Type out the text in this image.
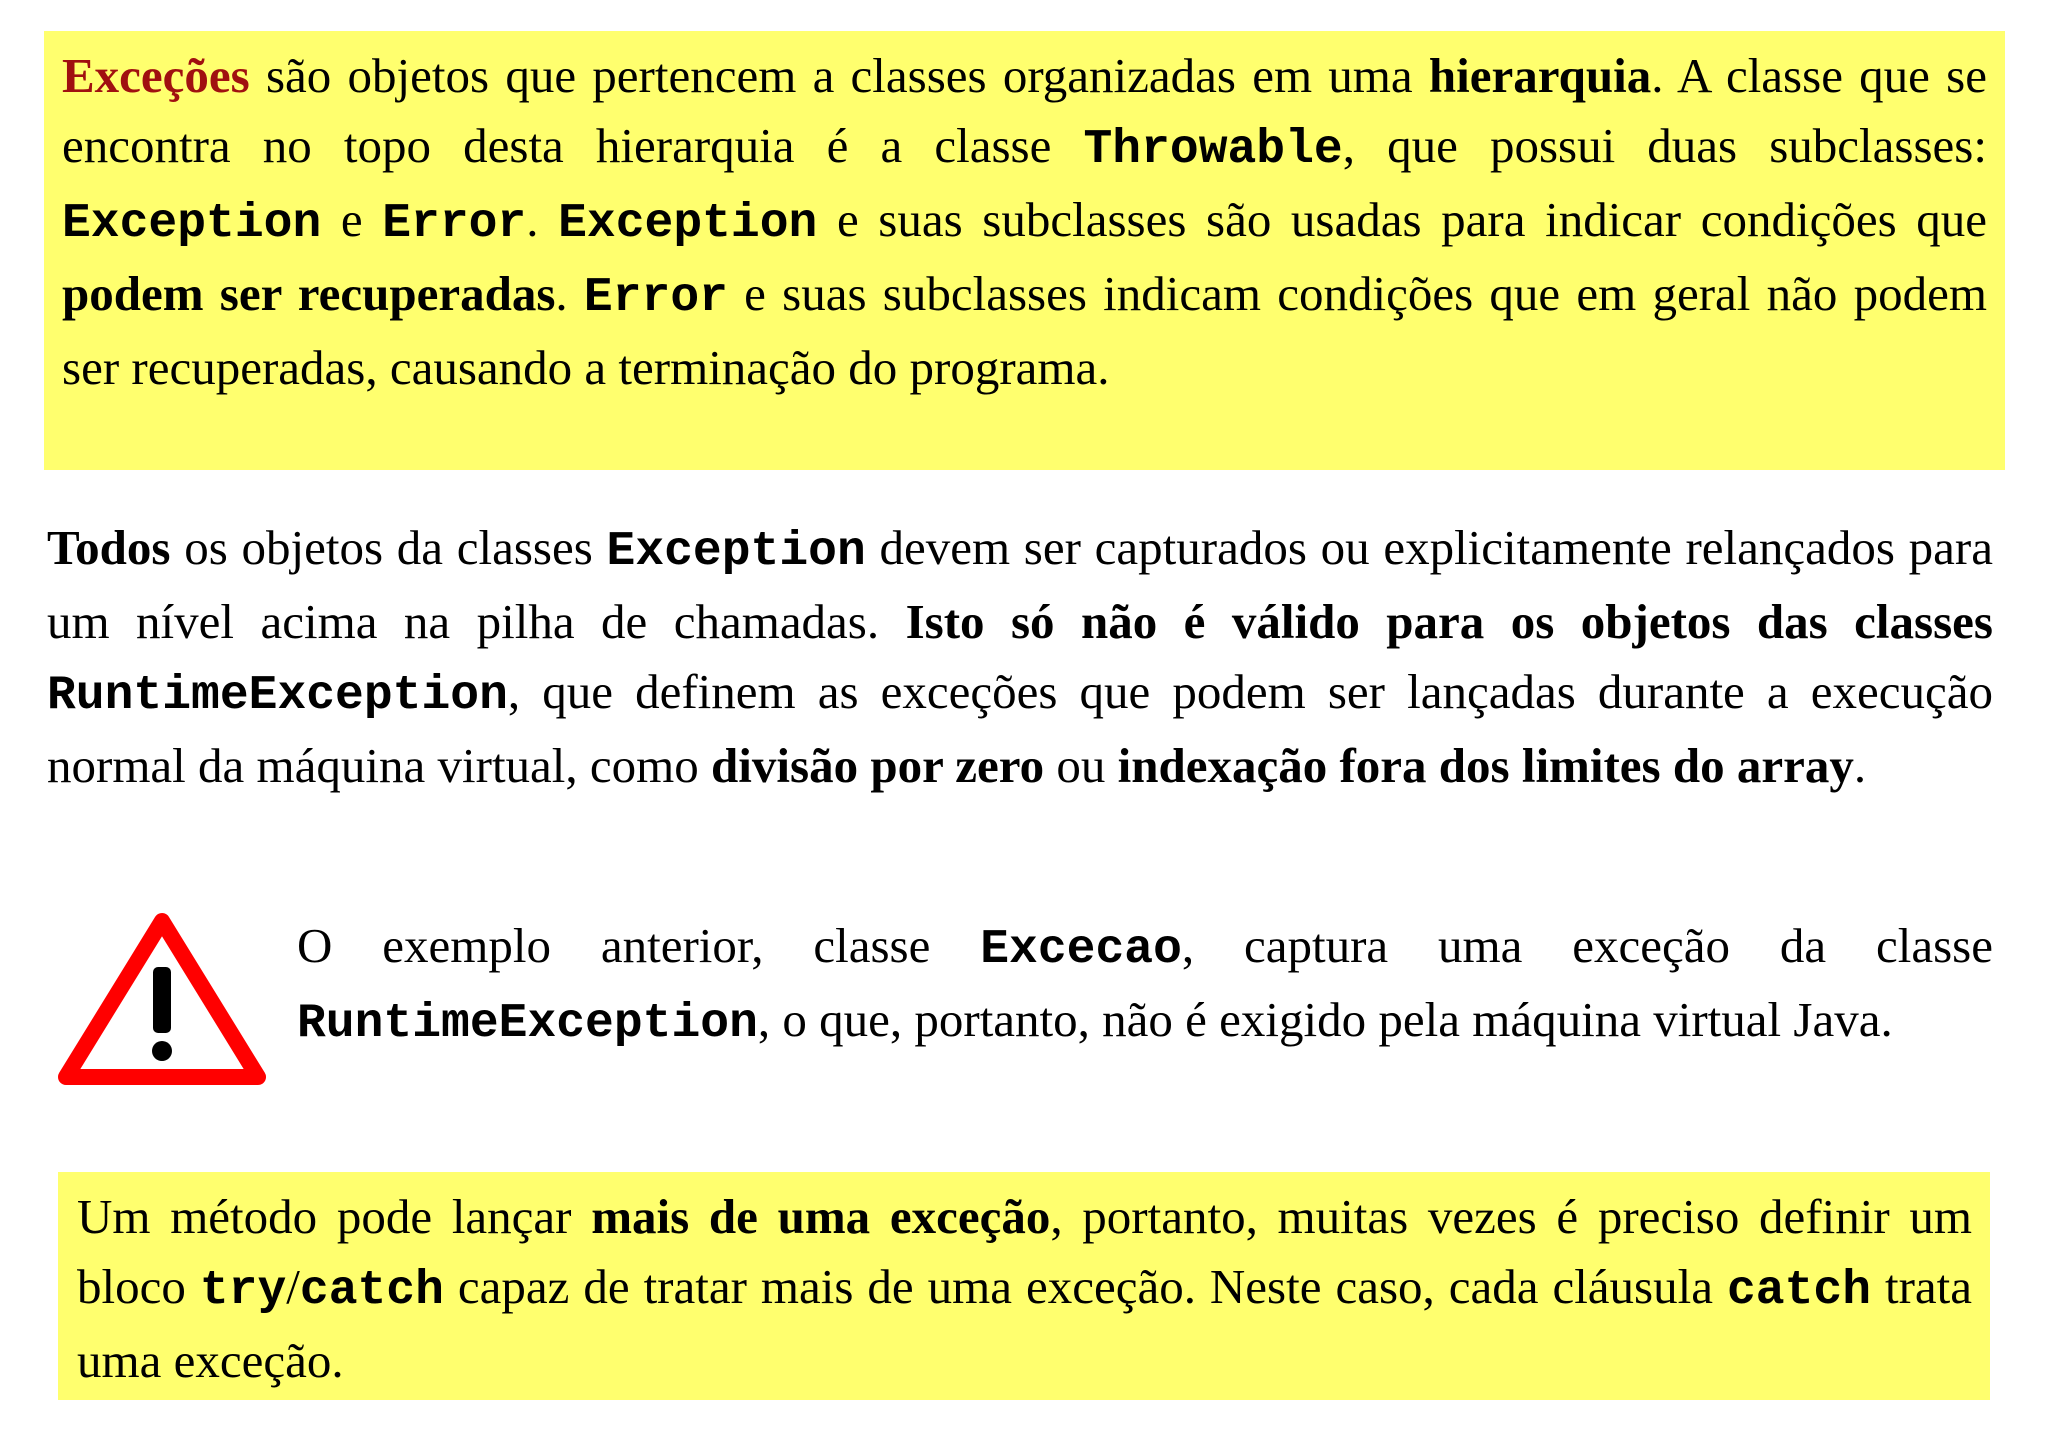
Exceções são objetos que pertencem a classes organizadas em uma hierarquia. A classe que se encontra no topo desta hierarquia é a classe Throwable, que possui duas subclasses: Exception e Error. Exception e suas subclasses são usadas para indicar condições que podem ser recuperadas. Error e suas subclasses indicam condições que em geral não podem ser recuperadas, causando a terminação do programa.

Todos os objetos da classes Exception devem ser capturados ou explicitamente relançados para um nível acima na pilha de chamadas. Isto só não é válido para os objetos das classes RuntimeException, que definem as exceções que podem ser lançadas durante a execução normal da máquina virtual, como divisão por zero ou indexação fora dos limites do array.

O exemplo anterior, classe Excecao, captura uma exceção da classe RuntimeException, o que, portanto, não é exigido pela máquina virtual Java.

Um método pode lançar mais de uma exceção, portanto, muitas vezes é preciso definir um bloco try/catch capaz de tratar mais de uma exceção. Neste caso, cada cláusula catch trata uma exceção.
